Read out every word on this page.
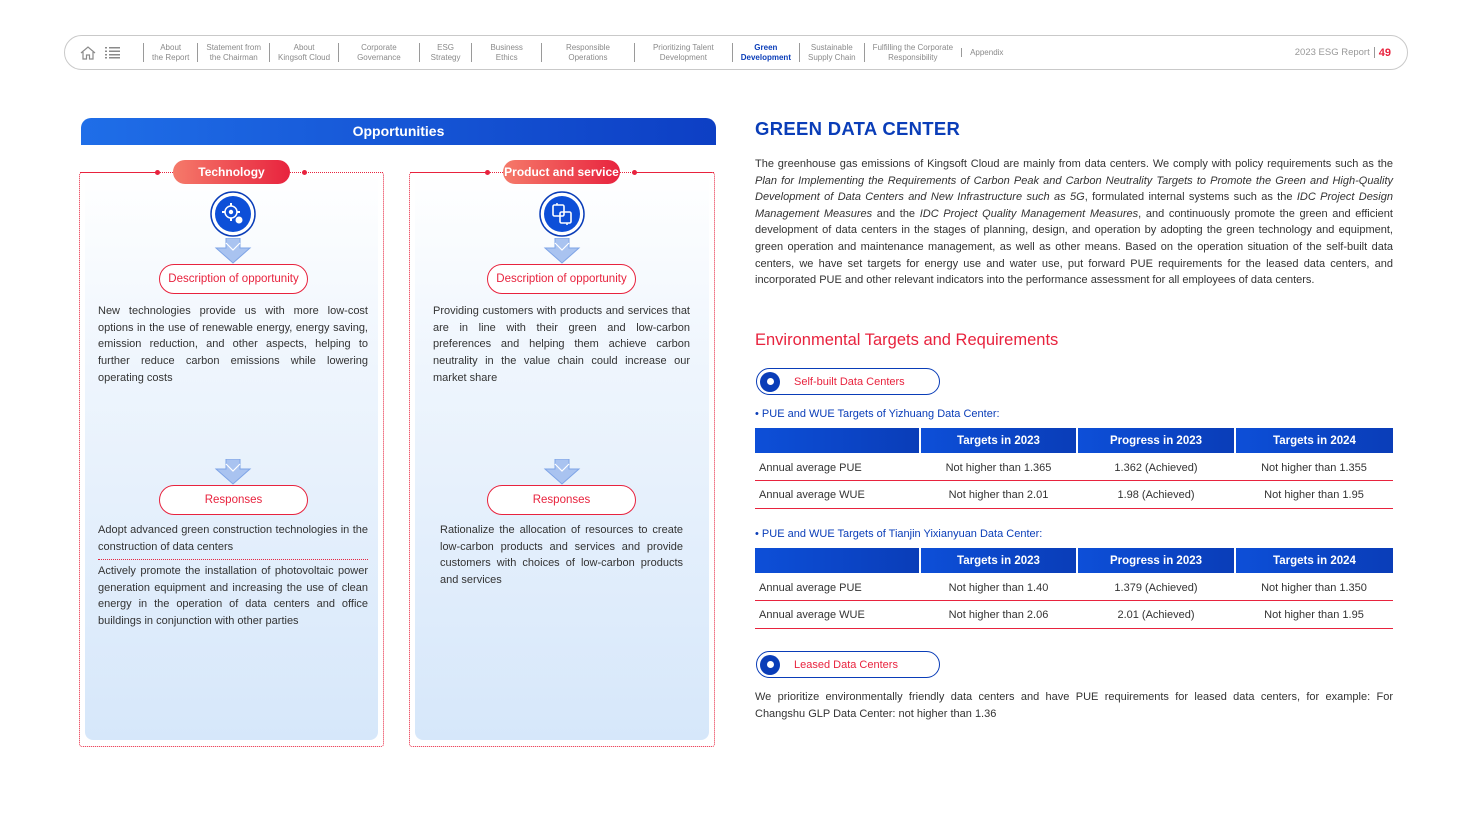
About
the Report
Statement from
the Chairman
About
Kingsoft Cloud
Corporate
Governance
ESG
Strategy
Business
Ethics
Responsible
Operations
Prioritizing Talent
Development
Green
Development
Sustainable
Supply Chain
Fulfilling the Corporate
Responsibility
Appendix	2023 ESG Report 49
Opportunities
Technology
Description of opportunity
New technologies provide us with more low-cost options in the use of renewable energy, energy saving, emission reduction, and other aspects, helping to further reduce carbon emissions while lowering operating costs
Responses
Adopt advanced green construction technologies in the construction of data centers
Actively promote the installation of photovoltaic power generation equipment and increasing the use of clean energy in the operation of data centers and office buildings in conjunction with other parties
Product and service
Description of opportunity
Providing customers with products and services that are in line with their green and low-carbon preferences and helping them achieve carbon neutrality in the value chain could increase our market share
Responses
Rationalize the allocation of resources to create low-carbon products and services and provide customers with choices of low-carbon products and services
GREEN DATA CENTER
The greenhouse gas emissions of Kingsoft Cloud are mainly from data centers. We comply with policy requirements such as the Plan for Implementing the Requirements of Carbon Peak and Carbon Neutrality Targets to Promote the Green and High-Quality Development of Data Centers and New Infrastructure such as 5G, formulated internal systems such as the IDC Project Design Management Measures and the IDC Project Quality Management Measures, and continuously promote the green and efficient development of data centers in the stages of planning, design, and operation by adopting the green technology and equipment, green operation and maintenance management, as well as other means. Based on the operation situation of the self-built data centers, we have set targets for energy use and water use, put forward PUE requirements for the leased data centers, and incorporated PUE and other relevant indicators into the performance assessment for all employees of data centers.
Environmental Targets and Requirements
Self-built Data Centers
• PUE and WUE Targets of Yizhuang Data Center:
	Targets in 2023	Progress in 2023	Targets in 2024
Annual average PUE	Not higher than 1.365	1.362 (Achieved)	Not higher than 1.355
Annual average WUE	Not higher than 2.01	1.98 (Achieved)	Not higher than 1.95
• PUE and WUE Targets of Tianjin Yixianyuan Data Center:
	Targets in 2023	Progress in 2023	Targets in 2024
Annual average PUE	Not higher than 1.40	1.379 (Achieved)	Not higher than 1.350
Annual average WUE	Not higher than 2.06	2.01 (Achieved)	Not higher than 1.95
Leased Data Centers
We prioritize environmentally friendly data centers and have PUE requirements for leased data centers, for example: For Changshu GLP Data Center: not higher than 1.36
